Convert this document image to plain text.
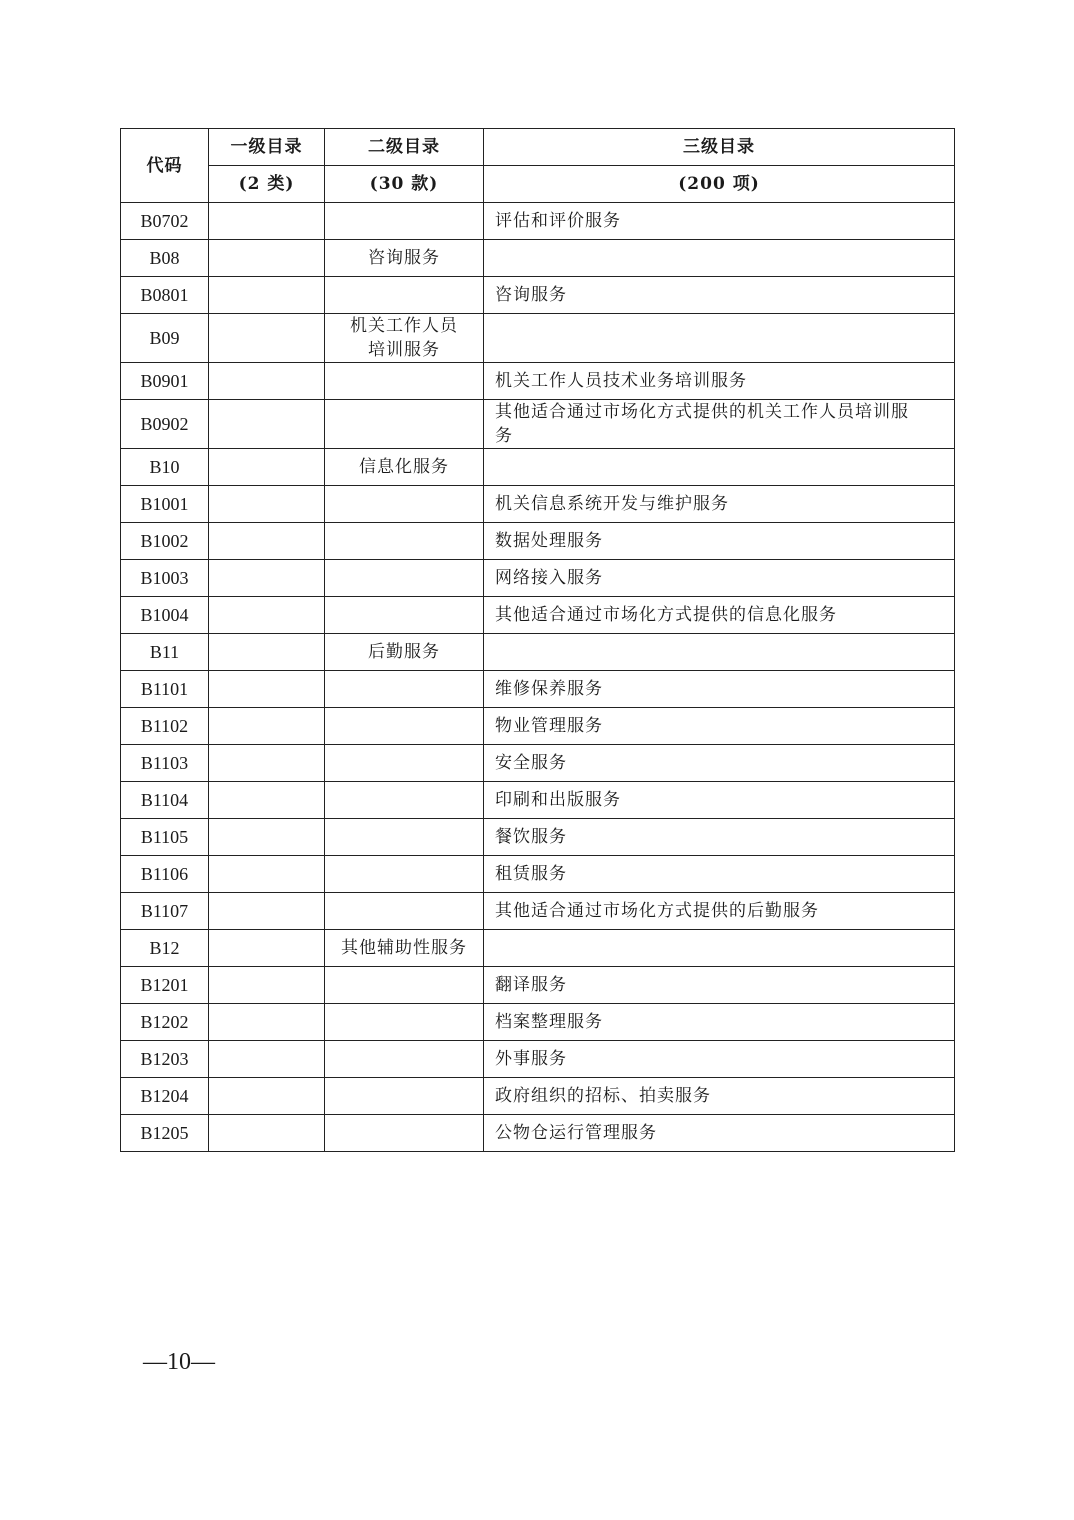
代码	一级目录	二级目录	三级目录
	(2 类)	(30 款)	(200 项)
B0702			评估和评价服务
B08		咨询服务	
B0801			咨询服务
B09		机关工作人员培训服务	
B0901			机关工作人员技术业务培训服务
B0902			其他适合通过市场化方式提供的机关工作人员培训服务
B10		信息化服务	
B1001			机关信息系统开发与维护服务
B1002			数据处理服务
B1003			网络接入服务
B1004			其他适合通过市场化方式提供的信息化服务
B11		后勤服务	
B1101			维修保养服务
B1102			物业管理服务
B1103			安全服务
B1104			印刷和出版服务
B1105			餐饮服务
B1106			租赁服务
B1107			其他适合通过市场化方式提供的后勤服务
B12		其他辅助性服务	
B1201			翻译服务
B1202			档案整理服务
B1203			外事服务
B1204			政府组织的招标、拍卖服务
B1205			公物仓运行管理服务
—10—
